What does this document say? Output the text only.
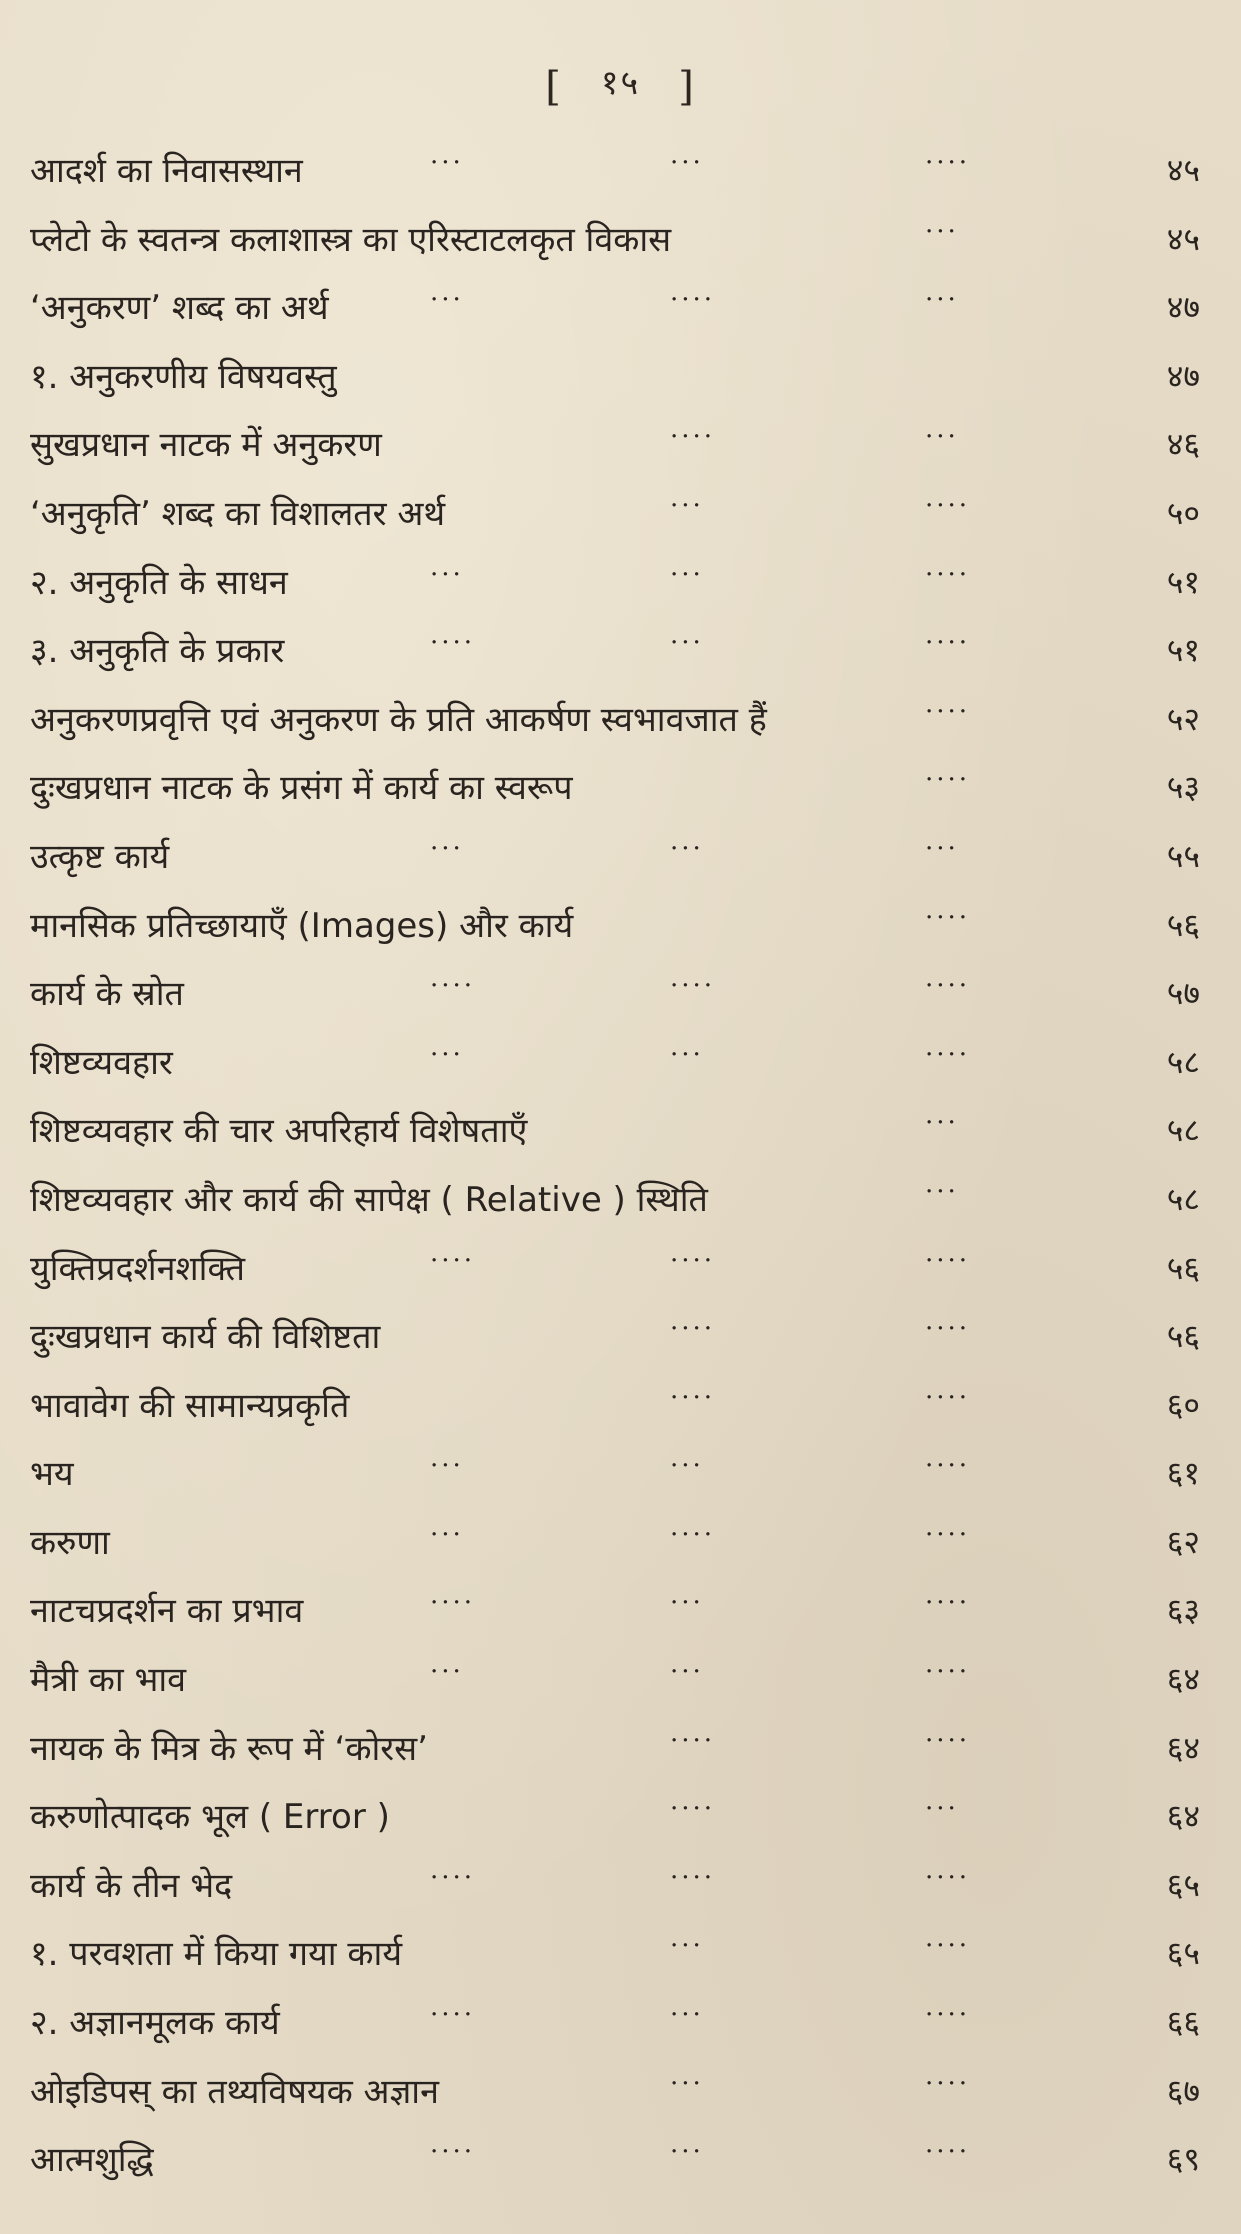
[ १५ ]
आदर्श का निवासस्थान	...	...	....	४५
प्लेटो के स्वतन्त्र कलाशास्त्र का एरिस्टाटलकृत विकास	...	४५
‘अनुकरण’ शब्द का अर्थ	...	....	...	४७
१. अनुकरणीय विषयवस्तु	४७
सुखप्रधान नाटक में अनुकरण	....	...	४६
‘अनुकृति’ शब्द का विशालतर अर्थ	...	....	५०
२. अनुकृति के साधन	...	...	....	५१
३. अनुकृति के प्रकार	....	...	....	५१
अनुकरणप्रवृत्ति एवं अनुकरण के प्रति आकर्षण स्वभावजात हैं	....	५२
दुःखप्रधान नाटक के प्रसंग में कार्य का स्वरूप	....	५३
उत्कृष्ट कार्य	...	...	...	५५
मानसिक प्रतिच्छायाएँ (Images) और कार्य	....	५६
कार्य के स्रोत	....	....	....	५७
शिष्टव्यवहार	...	...	....	५८
शिष्टव्यवहार की चार अपरिहार्य विशेषताएँ	...	५८
शिष्टव्यवहार और कार्य की सापेक्ष ( Relative ) स्थिति	...	५८
युक्तिप्रदर्शनशक्ति	....	....	....	५६
दुःखप्रधान कार्य की विशिष्टता	....	....	५६
भावावेग की सामान्यप्रकृति	....	....	६०
भय	...	...	....	६१
करुणा	...	....	....	६२
नाटचप्रदर्शन का प्रभाव	....	...	....	६३
मैत्री का भाव	...	...	....	६४
नायक के मित्र के रूप में ‘कोरस’	....	....	६४
करुणोत्पादक भूल ( Error )	....	...	६४
कार्य के तीन भेद	....	....	....	६५
१. परवशता में किया गया कार्य	...	....	६५
२. अज्ञानमूलक कार्य	....	...	....	६६
ओइडिपस् का तथ्यविषयक अज्ञान	...	....	६७
आत्मशुद्धि	....	...	....	६९
